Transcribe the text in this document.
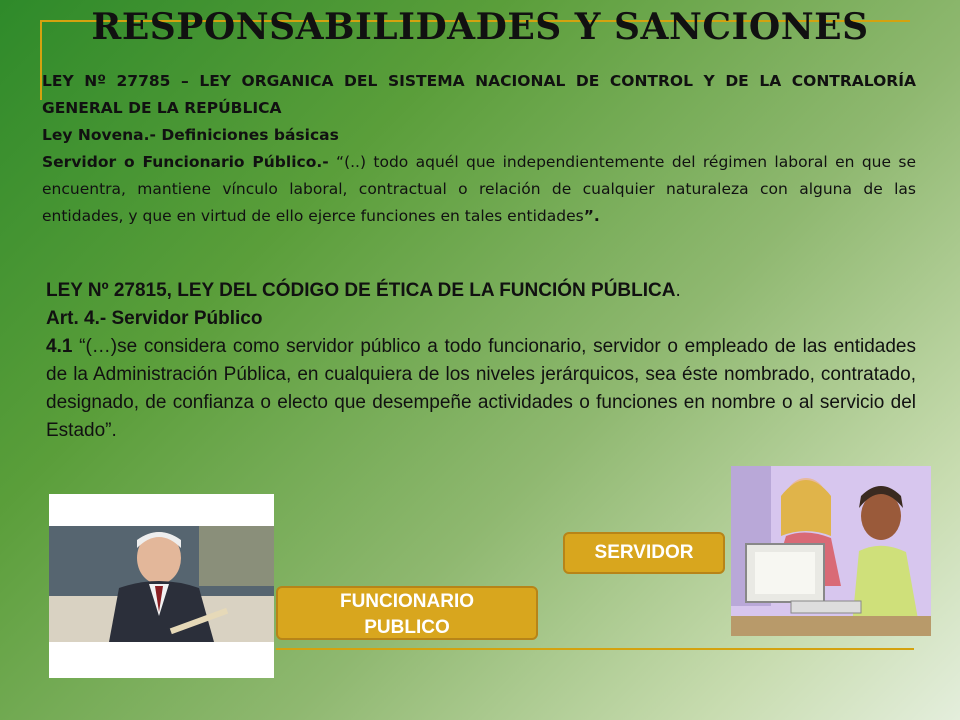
RESPONSABILIDADES Y SANCIONES
LEY Nº 27785 – LEY ORGANICA DEL SISTEMA NACIONAL DE CONTROL Y DE LA CONTRALORÍA GENERAL DE LA REPÚBLICA
Ley Novena.- Definiciones básicas
Servidor o Funcionario Público.- “(..) todo aquél que independientemente del régimen laboral en que se encuentra, mantiene vínculo laboral, contractual o relación de cualquier naturaleza con alguna de las entidades, y que en virtud de ello ejerce funciones en tales entidades”.
LEY Nº 27815, LEY DEL CÓDIGO DE ÉTICA DE LA FUNCIÓN PÚBLICA.
Art. 4.- Servidor Público
4.1 “(…)se considera como servidor público a todo funcionario, servidor o empleado de las entidades de la Administración Pública, en cualquiera de los niveles jerárquicos, sea éste nombrado, contratado, designado, de confianza o electo que desempeñe actividades o funciones en nombre o al servicio del Estado”.
SERVIDOR
FUNCIONARIO
PUBLICO
